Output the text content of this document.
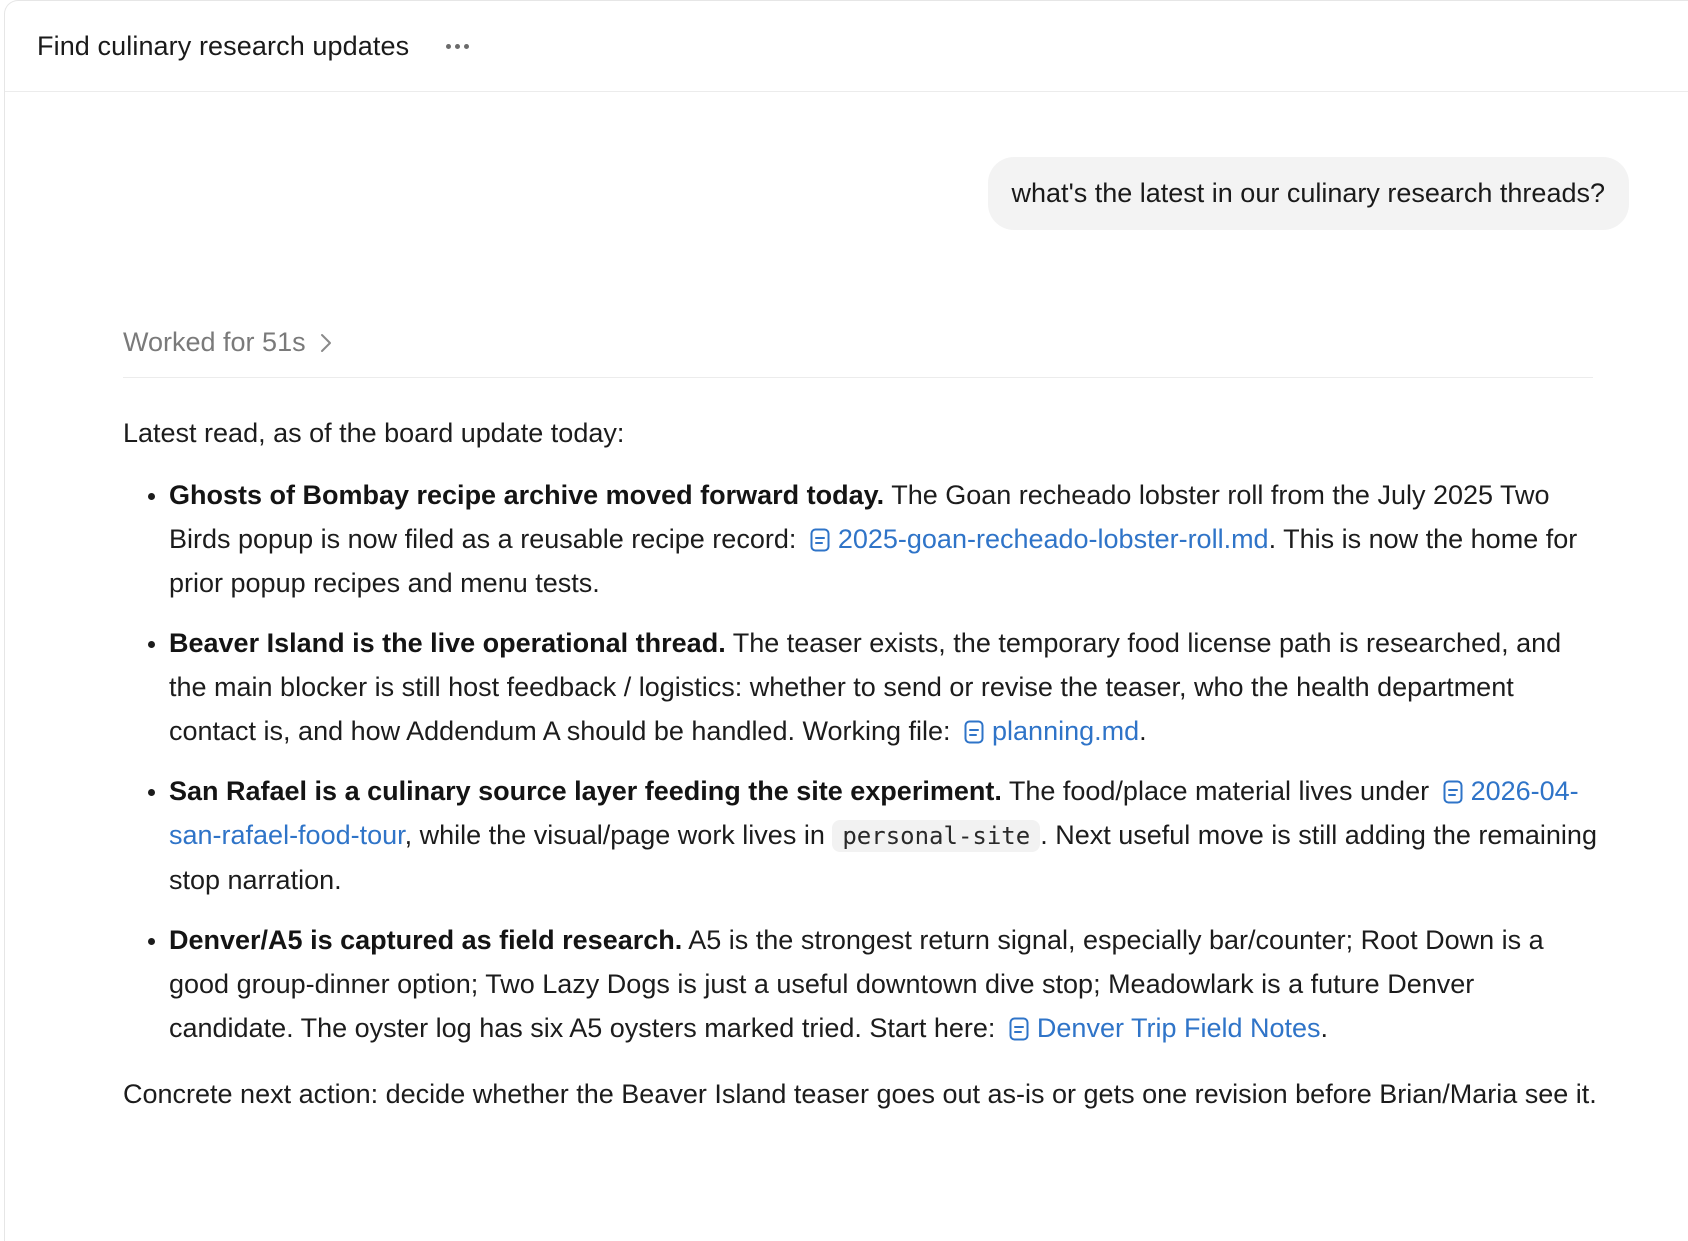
Find culinary research updates
what's the latest in our culinary research threads?
Worked for 51s

Latest read, as of the board update today:

• Ghosts of Bombay recipe archive moved forward today. The Goan recheado lobster roll from the July 2025 Two Birds popup is now filed as a reusable recipe record: 2025-goan-recheado-lobster-roll.md. This is now the home for prior popup recipes and menu tests.
• Beaver Island is the live operational thread. The teaser exists, the temporary food license path is researched, and the main blocker is still host feedback / logistics: whether to send or revise the teaser, who the health department contact is, and how Addendum A should be handled. Working file: planning.md.
• San Rafael is a culinary source layer feeding the site experiment. The food/place material lives under 2026-04-san-rafael-food-tour, while the visual/page work lives in personal-site . Next useful move is still adding the remaining stop narration.
• Denver/A5 is captured as field research. A5 is the strongest return signal, especially bar/counter; Root Down is a good group-dinner option; Two Lazy Dogs is just a useful downtown dive stop; Meadowlark is a future Denver candidate. The oyster log has six A5 oysters marked tried. Start here: Denver Trip Field Notes.

Concrete next action: decide whether the Beaver Island teaser goes out as-is or gets one revision before Brian/Maria see it.
